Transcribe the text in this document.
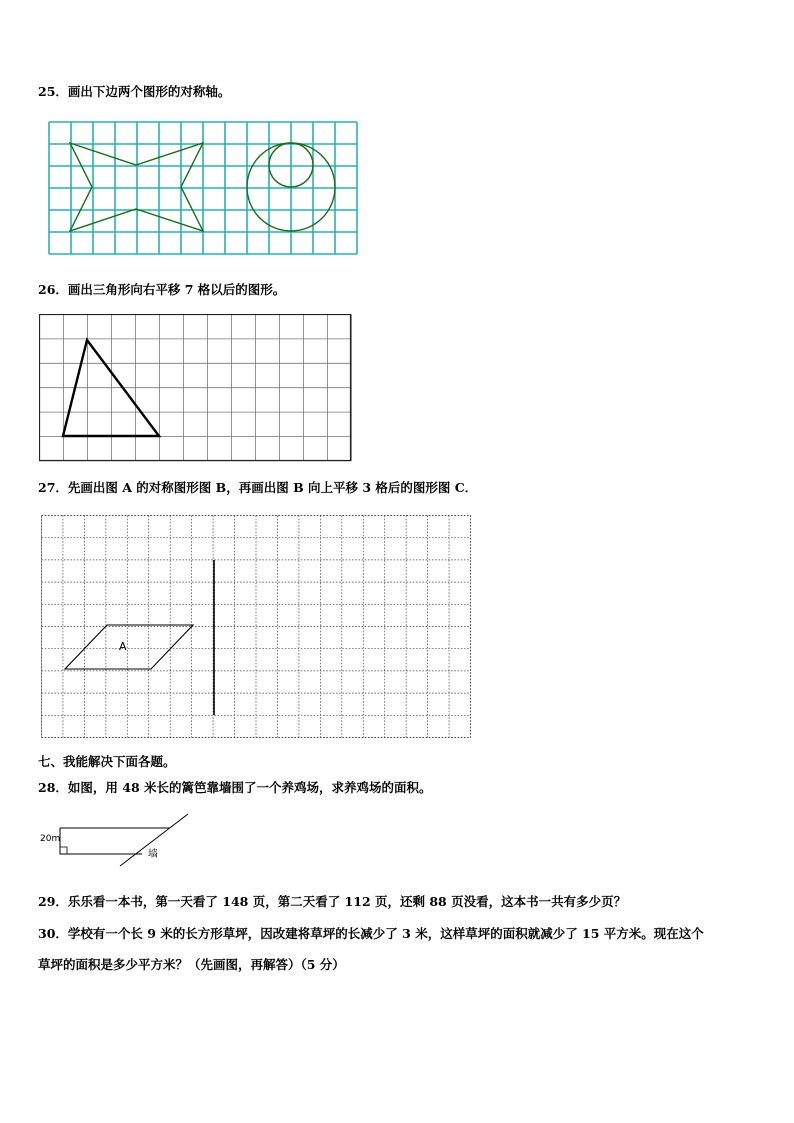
25．画出下边两个图形的对称轴。
26．画出三角形向右平移 7 格以后的图形。
27．先画出图 A 的对称图形图 B，再画出图 B 向上平移 3 格后的图形图 C．
A
七、我能解决下面各题。
28．如图，用 48 米长的篱笆靠墙围了一个养鸡场，求养鸡场的面积。
20m
墙
29．乐乐看一本书，第一天看了 148 页，第二天看了 112 页，还剩 88 页没看，这本书一共有多少页？
30．学校有一个长 9 米的长方形草坪，因改建将草坪的长减少了 3 米，这样草坪的面积就减少了 15 平方米。现在这个
草坪的面积是多少平方米？（先画图，再解答）（5 分）
